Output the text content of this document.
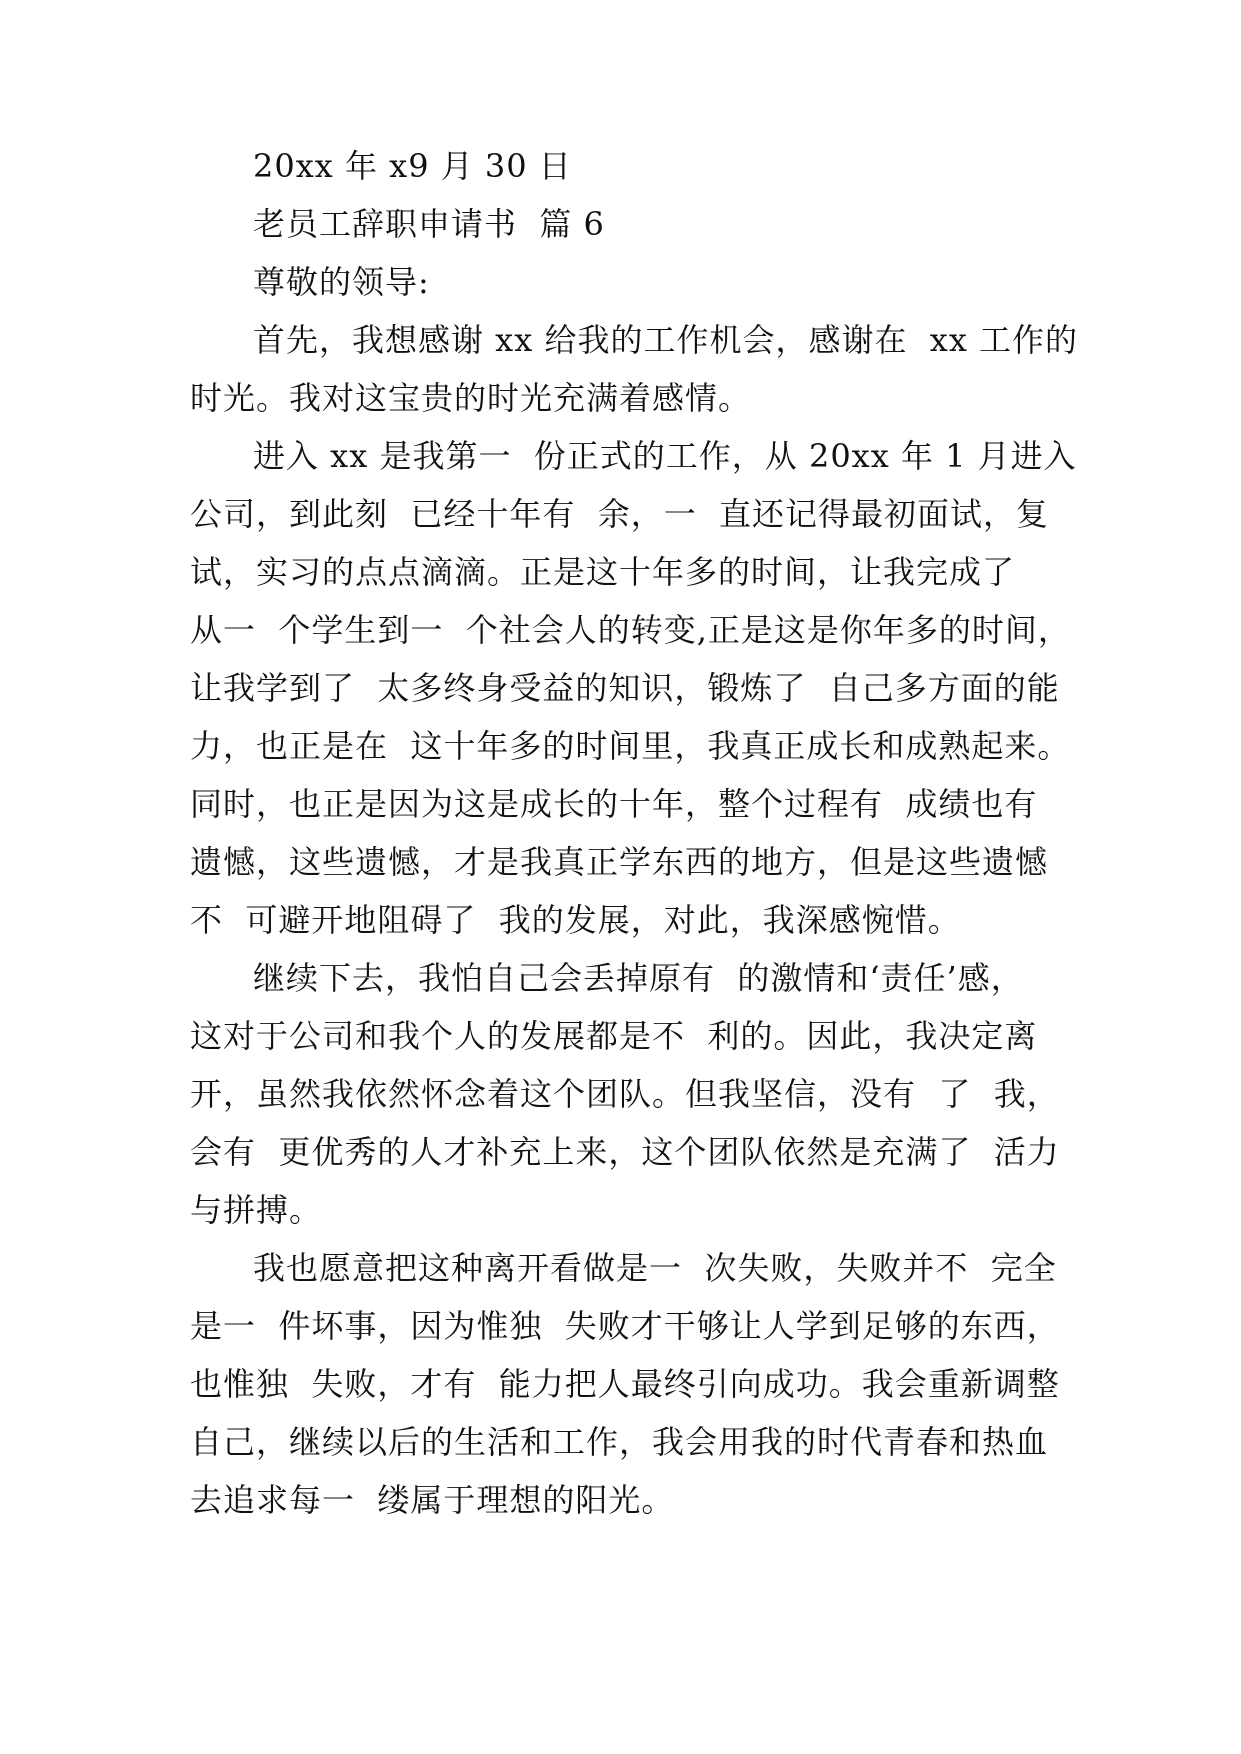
20xx 年 x9 月 30 日
老员工辞职申请书  篇 6
尊敬的领导:
首先，我想感谢 xx 给我的工作机会，感谢在  xx 工作的
时光。我对这宝贵的时光充满着感情。
进入 xx 是我第一  份正式的工作，从 20xx 年 1 月进入
公司，到此刻  已经十年有  余，一  直还记得最初面试，复
试，实习的点点滴滴。正是这十年多的时间，让我完成了
从一  个学生到一  个社会人的转变,正是这是你年多的时间，
让我学到了  太多终身受益的知识，锻炼了  自己多方面的能
力，也正是在  这十年多的时间里，我真正成长和成熟起来。
同时，也正是因为这是成长的十年，整个过程有  成绩也有
遗憾，这些遗憾，才是我真正学东西的地方，但是这些遗憾
不  可避开地阻碍了  我的发展，对此，我深感惋惜。
继续下去，我怕自己会丢掉原有  的激情和‘责任’感，
这对于公司和我个人的发展都是不  利的。因此，我决定离
开，虽然我依然怀念着这个团队。但我坚信，没有  了  我，
会有  更优秀的人才补充上来，这个团队依然是充满了  活力
与拼搏。
我也愿意把这种离开看做是一  次失败，失败并不  完全
是一  件坏事，因为惟独  失败才干够让人学到足够的东西，
也惟独  失败，才有  能力把人最终引向成功。我会重新调整
自己，继续以后的生活和工作，我会用我的时代青春和热血
去追求每一  缕属于理想的阳光。
